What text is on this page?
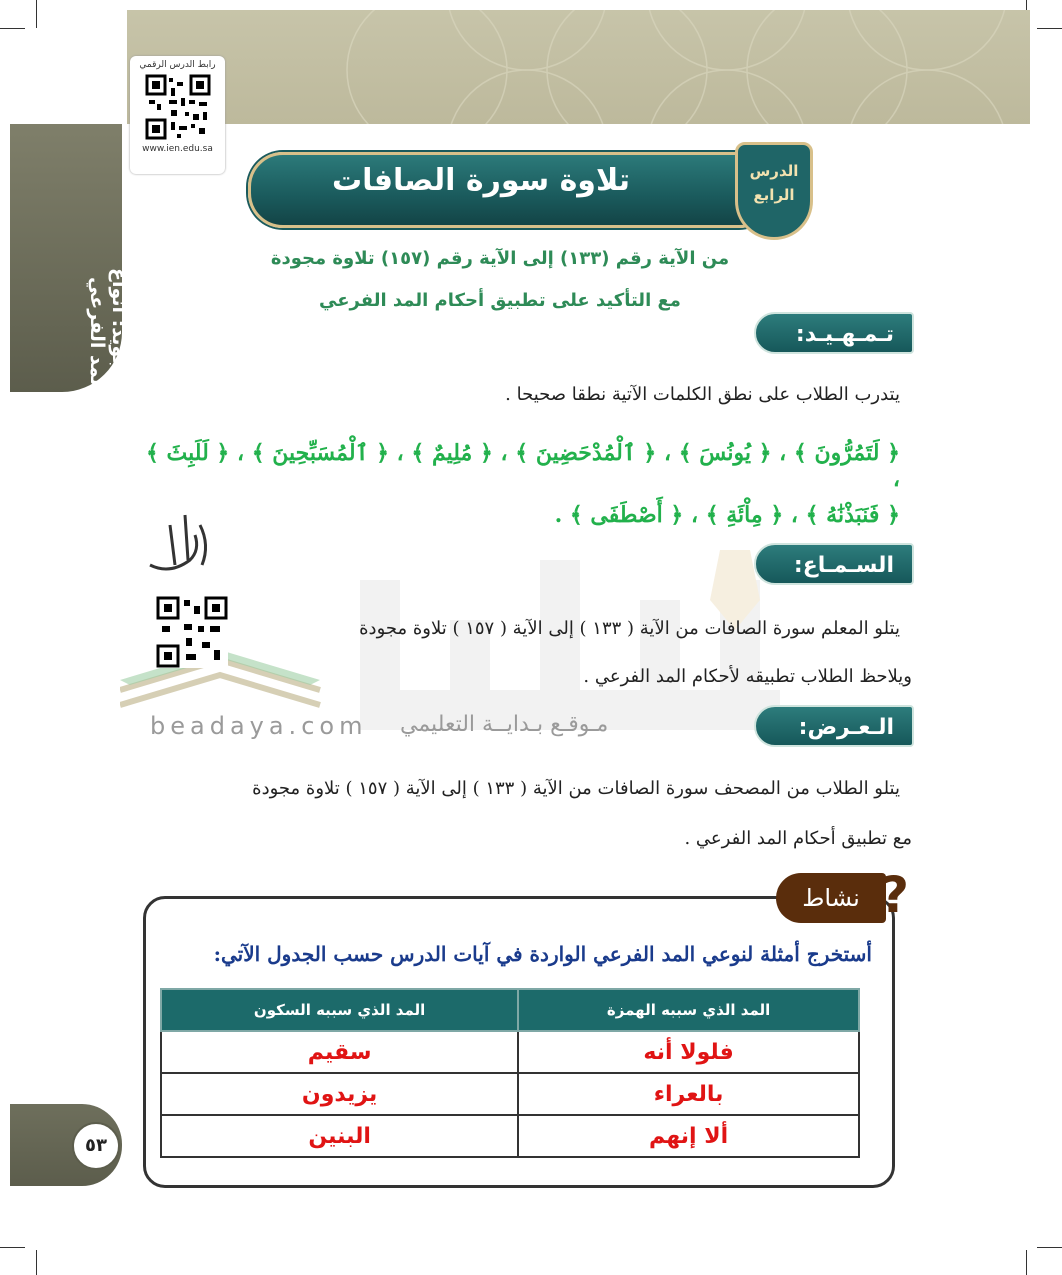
التجويد: أنواع المد الفرعي
رابط الدرس الرقمي
www.ien.edu.sa
تلاوة سورة الصافات	الدرس
الرابع
من الآية رقم (١٣٣) إلى الآية رقم (١٥٧) تلاوة مجودة
مع التأكيد على تطبيق أحكام المد الفرعي
تـمـهـيـد:
يتدرب الطلاب على نطق الكلمات الآتية نطقا صحيحا .
﴿ لَتَمُرُّونَ ﴾ ، ﴿ يُونُسَ ﴾ ، ﴿ ٱلْمُدْحَضِينَ ﴾ ، ﴿ مُلِيمٌ ﴾ ، ﴿ ٱلْمُسَبِّحِينَ ﴾ ، ﴿ لَلَبِثَ ﴾ ،
﴿ فَنَبَذْنَٰهُ ﴾ ، ﴿ مِاْئَةِ ﴾ ، ﴿ أَصْطَفَى ﴾ .
beadaya.com مـوقـع بـدايــة التعليمي
السـمـاع:
يتلو المعلم سورة الصافات من الآية ( ١٣٣ ) إلى الآية ( ١٥٧ ) تلاوة مجودة
ويلاحظ الطلاب تطبيقه لأحكام المد الفرعي .
الـعـرض:
يتلو الطلاب من المصحف سورة الصافات من الآية ( ١٣٣ ) إلى الآية ( ١٥٧ ) تلاوة مجودة
مع تطبيق أحكام المد الفرعي .
نشاط ?
أستخرج أمثلة لنوعي المد الفرعي الواردة في آيات الدرس حسب الجدول الآتي:
المد الذي سببه الهمزة	المد الذي سببه السكون
فلولا أنه	سقيم
بالعراء	يزيدون
ألا إنهم	البنين
٥٣
